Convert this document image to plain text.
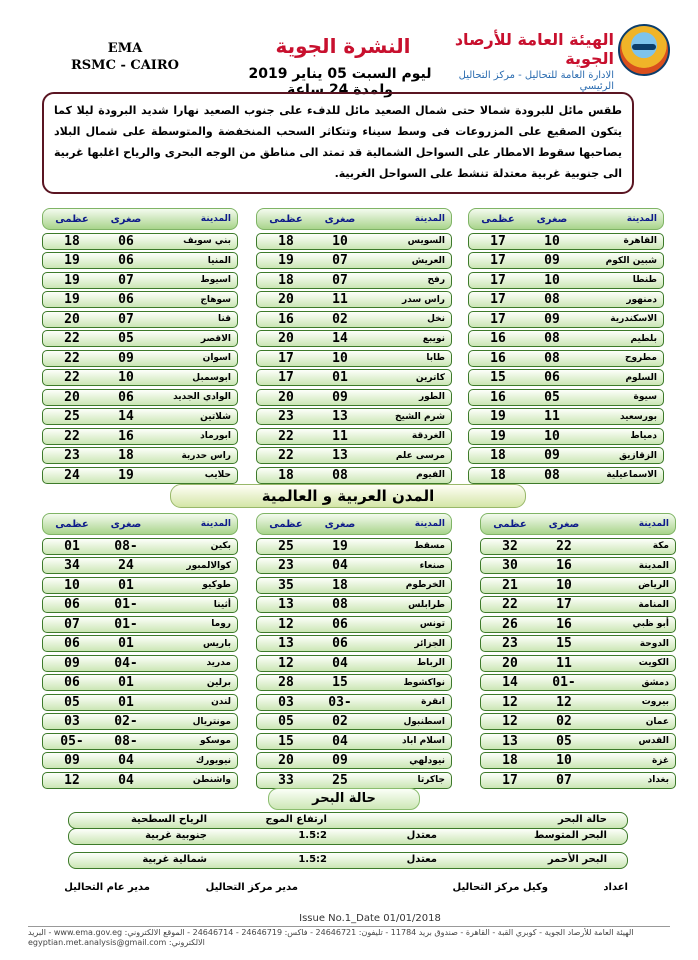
EMA
RSMC - CAIRO
النشرة الجوية
ليوم السبت 05 يناير 2019 ولمدة 24 ساعة
الهيئة العامة للأرصاد الجوية
الادارة العامة للتحاليل - مركز التحاليل الرئيسي
طقس مائل للبرودة شمالا حتى شمال الصعيد مائل للدفء على جنوب الصعيد نهارا شديد البرودة ليلا كما يتكون الصقيع على المزروعات فى وسط سيناء وتتكاثر السحب المنخفضة والمتوسطة على شمال البلاد يصاحبها سقوط الامطار على السواحل الشمالية قد تمتد الى مناطق من الوجه البحرى والرياح اغلبها غربية الى جنوبية غربية معتدلة تنشط على السواحل الغربية.
المدينة
صغرى
عظمى
القاهرة
10
17
شبين الكوم
09
17
طنطا
10
17
دمنهور
08
17
الاسكندرية
09
17
بلطيم
08
16
مطروح
08
16
السلوم
06
15
سيوة
05
16
بورسعيد
11
19
دمياط
10
19
الزقازيق
09
18
الاسماعيلية
08
18
المدينة
صغرى
عظمى
السويس
10
18
العريش
07
19
رفح
07
18
راس سدر
11
20
نخل
02
16
نويبع
14
20
طابا
10
17
كاترين
01
17
الطور
09
20
شرم الشيخ
13
23
الغردقة
11
22
مرسى علم
13
22
الفيوم
08
18
المدينة
صغرى
عظمى
بني سويف
06
18
المنيا
06
19
اسيوط
07
19
سوهاج
06
19
قنا
07
20
الاقصر
05
22
اسوان
09
22
ابوسمبل
10
22
الوادي الجديد
06
20
شلاتين
14
25
ابورماد
16
22
راس حدربة
18
23
حلايب
19
24
المدن العربية و العالمية
المدينة
صغرى
عظمى
مكة
22
32
المدينة
16
30
الرياض
10
21
المنامة
17
22
أبو ظبي
16
26
الدوحة
15
23
الكويت
11
20
دمشق
-01
14
بيروت
12
12
عمان
02
12
القدس
05
13
غزة
10
18
بغداد
07
17
المدينة
صغرى
عظمى
مسقط
19
25
صنعاء
04
23
الخرطوم
18
35
طرابلس
08
13
تونس
06
12
الجزائر
06
13
الرباط
04
12
نواكشوط
15
28
انقرة
-03
03
اسطنبول
02
05
اسلام اباد
04
15
نيودلهي
09
20
جاكرتا
25
33
المدينة
صغرى
عظمى
بكين
-08
01
كوالالمبور
24
34
طوكيو
01
10
أثينا
-01
06
روما
-01
07
باريس
01
06
مدريد
-04
09
برلين
01
06
لندن
01
05
مونتريال
-02
03
موسكو
-08
-05
نيويورك
04
09
واشنطن
04
12
حالة البحر
حالة البحر
ارتفاع الموج
الرياح السطحية
البحر المتوسط
معتدل
1.5:2
جنوبية غربية
البحر الأحمر
معتدل
1.5:2
شمالية غربية
اعداد
وكيل مركز التحاليل
مدير مركز التحاليل
مدير عام التحاليل
Issue No.1_Date 01/01/2018
الهيئة العامة للأرصاد الجوية - كوبري القبة - القاهرة - صندوق بريد 11784 - تليفون: 24646721 - فاكس: 24646719 - 24646714 - الموقع الالكتروني: www.ema.gov.eg - البريد الالكتروني: egyptian.met.analysis@gmail.com
